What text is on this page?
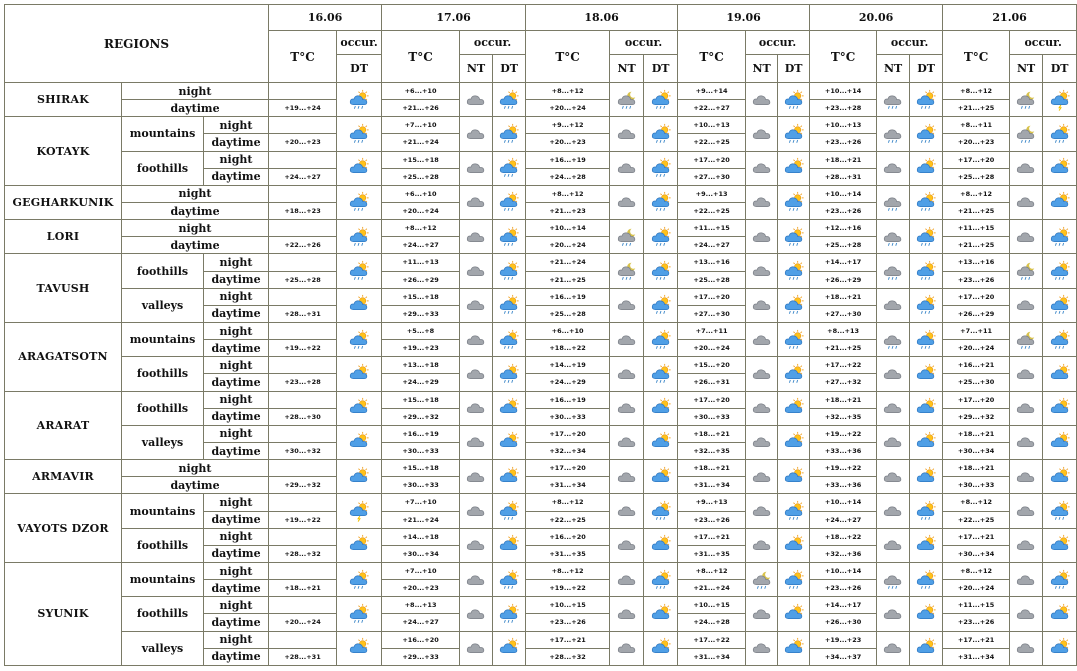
REGIONS			16.06		17.06			18.06			19.06			20.06			21.06		
			T°C	occur.	T°C	occur.		T°C	occur.		T°C	occur.		T°C	occur.		T°C	occur.	
				DT		NT	DT		NT	DT		NT	DT		NT	DT		NT	DT
SHIRAK	night				+6...+10			+8...+12			+9...+14			+10...+14			+8...+12		
	daytime		+19...+24		+21...+26			+20...+24			+22...+27			+23...+28			+21...+25		
KOTAYK	mountains	night			+7...+10			+9...+12			+10...+13			+10...+13			+8...+11		
		daytime	+20...+23		+21...+24			+20...+23			+22...+25			+23...+26			+20...+23		
	foothills	night			+15...+18			+16...+19			+17...+20			+18...+21			+17...+20		
		daytime	+24...+27		+25...+28			+24...+28			+27...+30			+28...+31			+25...+28		
GEGHARKUNIK	night				+6...+10			+8...+12			+9...+13			+10...+14			+8...+12		
	daytime		+18...+23		+20...+24			+21...+23			+22...+25			+23...+26			+21...+25		
LORI	night				+8...+12			+10...+14			+11...+15			+12...+16			+11...+15		
	daytime		+22...+26		+24...+27			+20...+24			+24...+27			+25...+28			+21...+25		
TAVUSH	foothills	night			+11...+13			+21...+24			+13...+16			+14...+17			+13...+16		
		daytime	+25...+28		+26...+29			+21...+25			+25...+28			+26...+29			+23...+26		
	valleys	night			+15...+18			+16...+19			+17...+20			+18...+21			+17...+20		
		daytime	+28...+31		+29...+33			+25...+28			+27...+30			+27...+30			+26...+29		
ARAGATSOTN	mountains	night			+5...+8			+6...+10			+7...+11			+8...+13			+7...+11		
		daytime	+19...+22		+19...+23			+18...+22			+20...+24			+21...+25			+20...+24		
	foothills	night			+13...+18			+14...+19			+15...+20			+17...+22			+16...+21		
		daytime	+23...+28		+24...+29			+24...+29			+26...+31			+27...+32			+25...+30		
ARARAT	foothills	night			+15...+18			+16...+19			+17...+20			+18...+21			+17...+20		
		daytime	+28...+30		+29...+32			+30...+33			+30...+33			+32...+35			+29...+32		
	valleys	night			+16...+19			+17...+20			+18...+21			+19...+22			+18...+21		
		daytime	+30...+32		+30...+33			+32...+34			+32...+35			+33...+36			+30...+34		
ARMAVIR	night				+15...+18			+17...+20			+18...+21			+19...+22			+18...+21		
	daytime		+29...+32		+30...+33			+31...+34			+31...+34			+33...+36			+30...+33		
VAYOTS DZOR	mountains	night			+7...+10			+8...+12			+9...+13			+10...+14			+8...+12		
		daytime	+19...+22		+21...+24			+22...+25			+23...+26			+24...+27			+22...+25		
	foothills	night			+14...+18			+16...+20			+17...+21			+18...+22			+17...+21		
		daytime	+28...+32		+30...+34			+31...+35			+31...+35			+32...+36			+30...+34		
SYUNIK	mountains	night			+7...+10			+8...+12			+8...+12			+10...+14			+8...+12		
		daytime	+18...+21		+20...+23			+19...+22			+21...+24			+23...+26			+20...+24		
	foothills	night			+8...+13			+10...+15			+10...+15			+14...+17			+11...+15		
		daytime	+20...+24		+24...+27			+23...+26			+24...+28			+26...+30			+23...+26		
	valleys	night			+16...+20			+17...+21			+17...+22			+19...+23			+17...+21		
		daytime	+28...+31		+29...+33			+28...+32			+31...+34			+34...+37			+31...+34		
